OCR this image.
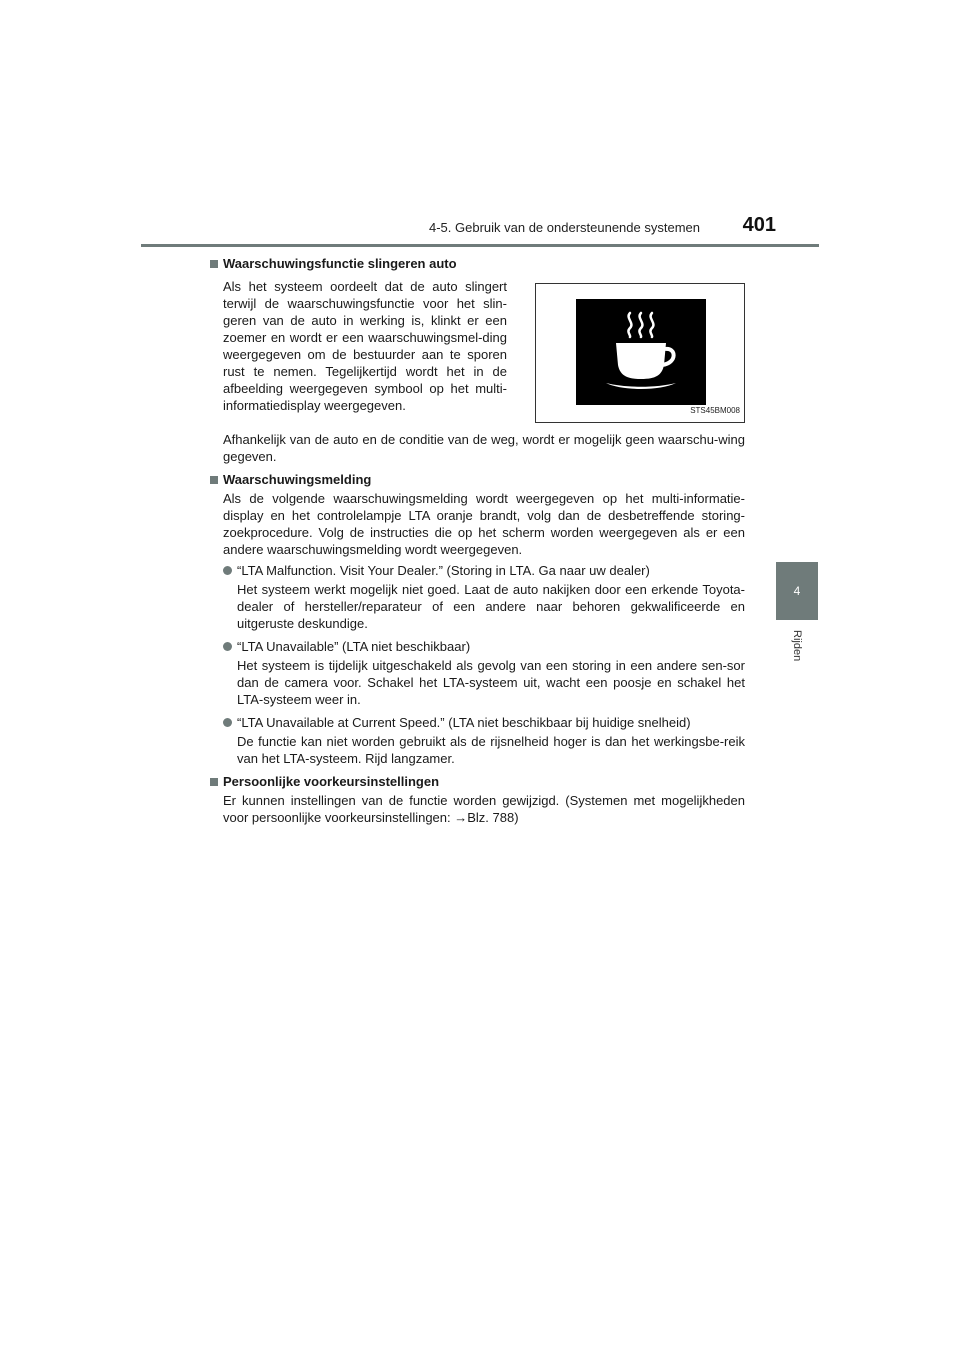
4-5. Gebruik van de ondersteunende systemen	401
4
Rijden
Waarschuwingsfunctie slingeren auto
Als het systeem oordeelt dat de auto slingert terwijl de waarschuwingsfunctie voor het slin-geren van de auto in werking is, klinkt er een zoemer en wordt er een waarschuwingsmel-ding weergegeven om de bestuurder aan te sporen rust te nemen. Tegelijkertijd wordt het in de afbeelding weergegeven symbool op het multi-informatiedisplay weergegeven.	STS45BM008
Afhankelijk van de auto en de conditie van de weg, wordt er mogelijk geen waarschu-wing gegeven.
Waarschuwingsmelding
Als de volgende waarschuwingsmelding wordt weergegeven op het multi-informatie-display en het controlelampje LTA oranje brandt, volg dan de desbetreffende storing-zoekprocedure. Volg de instructies die op het scherm worden weergegeven als er een andere waarschuwingsmelding wordt weergegeven.
“LTA Malfunction. Visit Your Dealer.” (Storing in LTA. Ga naar uw dealer)
Het systeem werkt mogelijk niet goed. Laat de auto nakijken door een erkende Toyota-dealer of hersteller/reparateur of een andere naar behoren gekwalificeerde en uitgeruste deskundige.
“LTA Unavailable” (LTA niet beschikbaar)
Het systeem is tijdelijk uitgeschakeld als gevolg van een storing in een andere sen-sor dan de camera voor. Schakel het LTA-systeem uit, wacht een poosje en schakel het LTA-systeem weer in.
“LTA Unavailable at Current Speed.” (LTA niet beschikbaar bij huidige snelheid)
De functie kan niet worden gebruikt als de rijsnelheid hoger is dan het werkingsbe-reik van het LTA-systeem. Rijd langzamer.
Persoonlijke voorkeursinstellingen
Er kunnen instellingen van de functie worden gewijzigd. (Systemen met mogelijkheden voor persoonlijke voorkeursinstellingen: →Blz. 788)
